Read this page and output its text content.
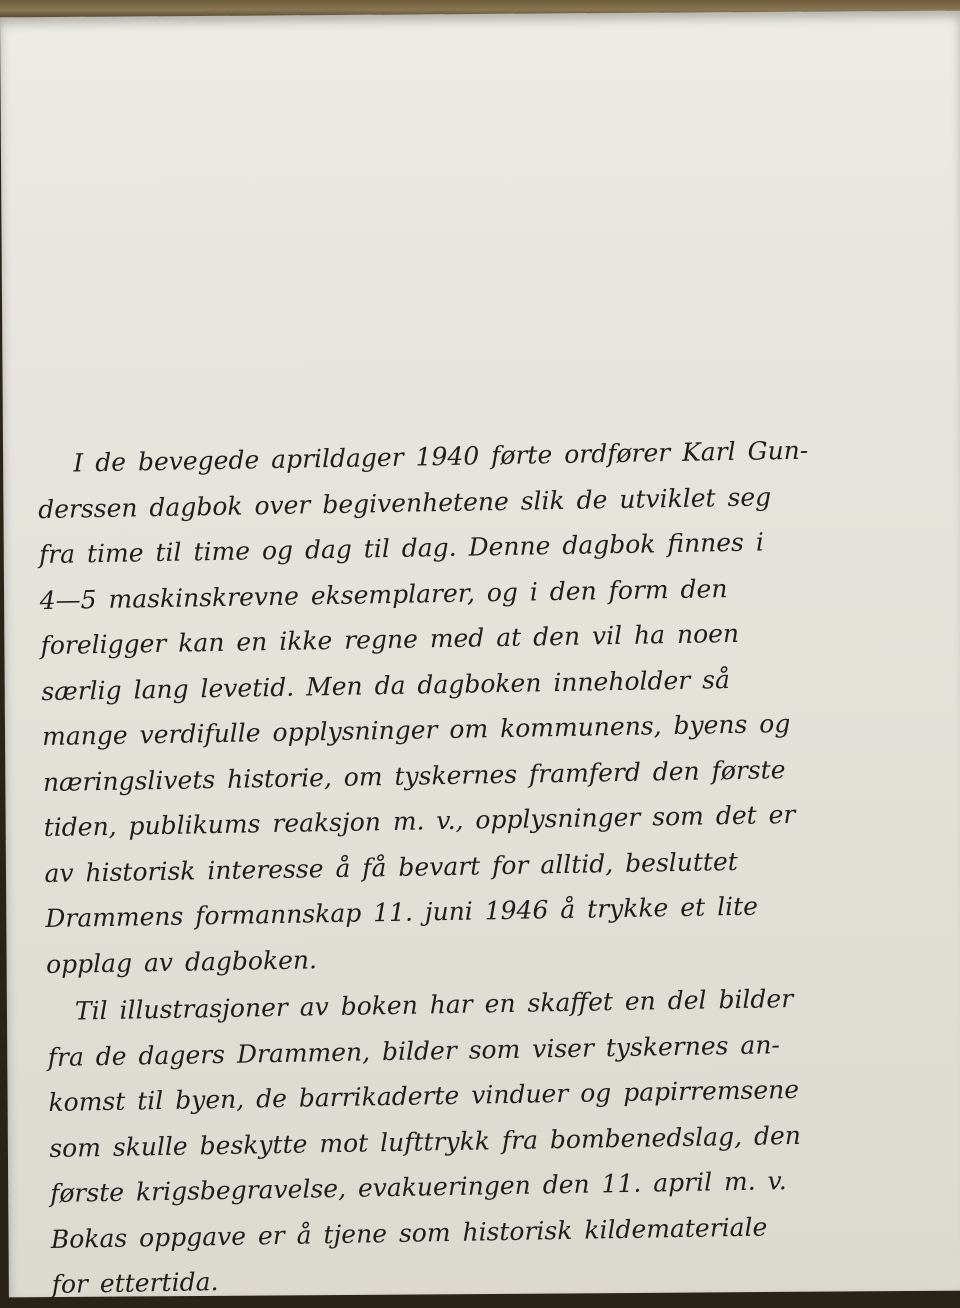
I de bevegede aprildager 1940 førte ordfører Karl Gun-
derssen dagbok over begivenhetene slik de utviklet seg
fra time til time og dag til dag. Denne dagbok finnes i
4—5 maskinskrevne eksemplarer, og i den form den
foreligger kan en ikke regne med at den vil ha noen
særlig lang levetid. Men da dagboken inneholder så
mange verdifulle opplysninger om kommunens, byens og
næringslivets historie, om tyskernes framferd den første
tiden, publikums reaksjon m. v., opplysninger som det er
av historisk interesse å få bevart for alltid, besluttet
Drammens formannskap 11. juni 1946 å trykke et lite
opplag av dagboken.
Til illustrasjoner av boken har en skaffet en del bilder
fra de dagers Drammen, bilder som viser tyskernes an-
komst til byen, de barrikaderte vinduer og papirremsene
som skulle beskytte mot lufttrykk fra bombenedslag, den
første krigsbegravelse, evakueringen den 11. april m. v.
Bokas oppgave er å tjene som historisk kildemateriale
for ettertida.
